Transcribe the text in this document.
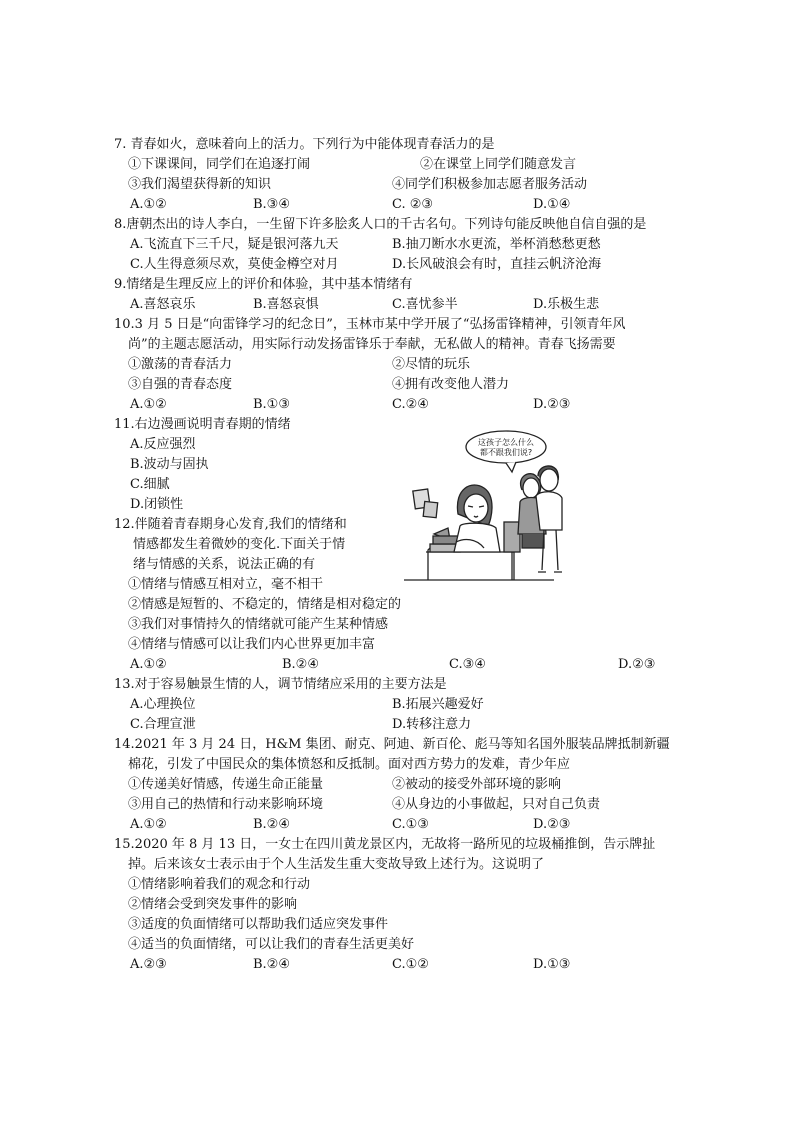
7. 青春如火，意味着向上的活力。下列行为中能体现青春活力的是
①下课课间，同学们在追逐打闹	②在课堂上同学们随意发言
③我们渴望获得新的知识	④同学们积极参加志愿者服务活动
A.①②	B.③④	C. ②③	D.①④
8.唐朝杰出的诗人李白，一生留下许多脍炙人口的千古名句。下列诗句能反映他自信自强的是
A.飞流直下三千尺，疑是银河落九天	B.抽刀断水水更流，举杯消愁愁更愁
C.人生得意须尽欢，莫使金樽空对月	D.长风破浪会有时，直挂云帆济沧海
9.情绪是生理反应上的评价和体验，其中基本情绪有
A.喜怒哀乐	B.喜怒哀惧	C.喜忧参半	D.乐极生悲
10.3 月 5 日是“向雷锋学习的纪念日”，玉林市某中学开展了“弘扬雷锋精神，引领青年风
尚”的主题志愿活动，用实际行动发扬雷锋乐于奉献，无私做人的精神。青春飞扬需要
①激荡的青春活力	②尽情的玩乐
③自强的青春态度	④拥有改变他人潜力
A.①②	B.①③	C.②④	D.②③
11.右边漫画说明青春期的情绪
A.反应强烈
B.波动与固执
C.细腻
D.闭锁性
这孩子怎么什么
都不跟我们说?
12.伴随着青春期身心发育,我们的情绪和
情感都发生着微妙的变化.下面关于情
绪与情感的关系，说法正确的有
①情绪与情感互相对立，毫不相干
②情感是短暂的、不稳定的，情绪是相对稳定的
③我们对事情持久的情绪就可能产生某种情感
④情绪与情感可以让我们内心世界更加丰富
A.①②	B.②④	C.③④	D.②③
13.对于容易触景生情的人，调节情绪应采用的主要方法是
A.心理换位	B.拓展兴趣爱好
C.合理宣泄	D.转移注意力
14.2021 年 3 月 24 日，H&M 集团、耐克、阿迪、新百伦、彪马等知名国外服装品牌抵制新疆
棉花，引发了中国民众的集体愤怒和反抵制。面对西方势力的发难，青少年应
①传递美好情感，传递生命正能量	②被动的接受外部环境的影响
③用自己的热情和行动来影响环境	④从身边的小事做起，只对自己负责
A.①②	B.②④	C.①③	D.②③
15.2020 年 8 月 13 日，一女士在四川黄龙景区内，无故将一路所见的垃圾桶推倒，告示牌扯
掉。后来该女士表示由于个人生活发生重大变故导致上述行为。这说明了
①情绪影响着我们的观念和行动
②情绪会受到突发事件的影响
③适度的负面情绪可以帮助我们适应突发事件
④适当的负面情绪，可以让我们的青春生活更美好
A.②③	B.②④	C.①②	D.①③
